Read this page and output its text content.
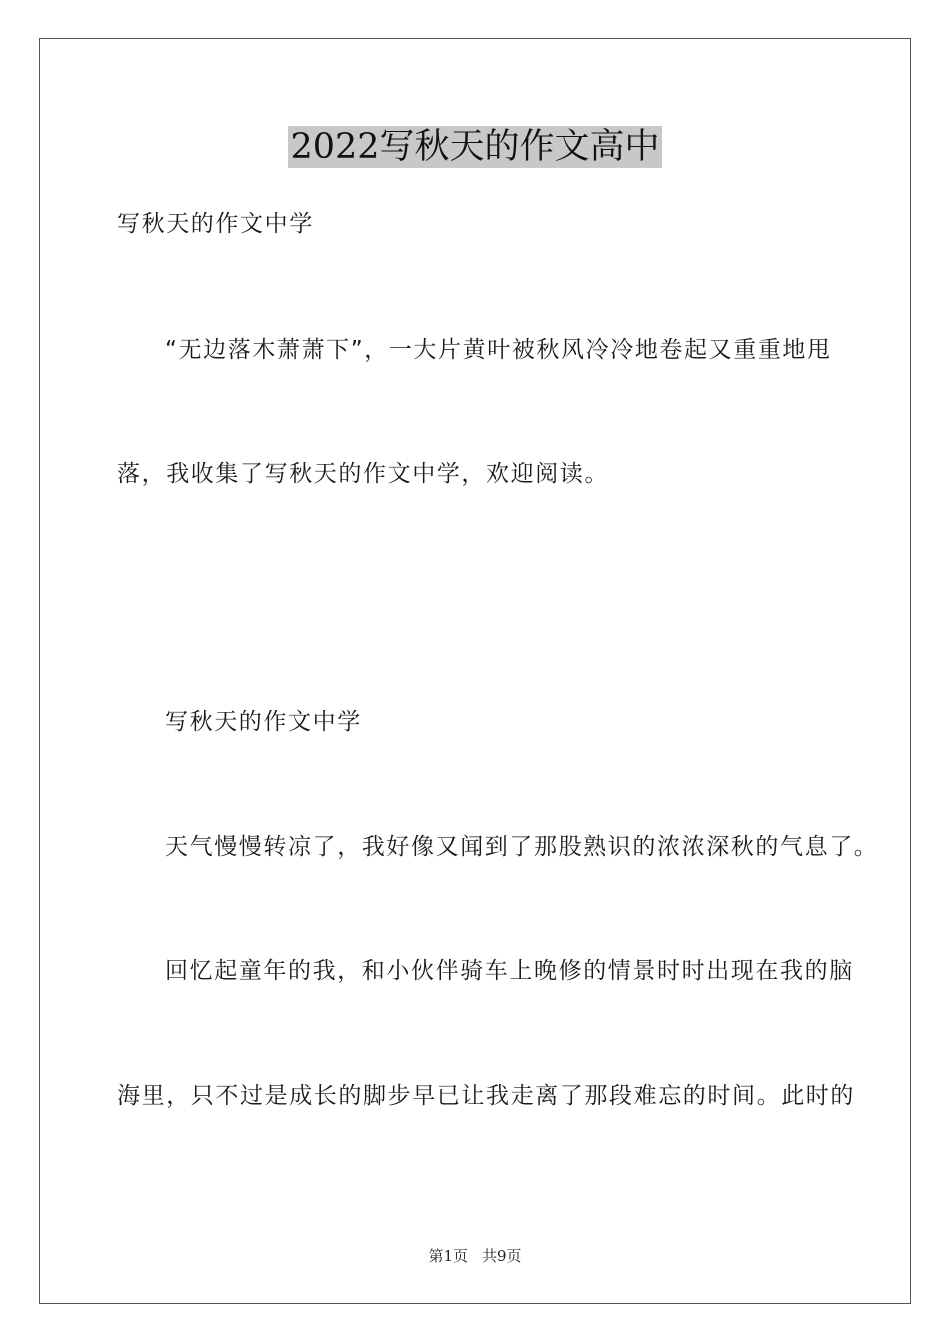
2022写秋天的作文高中
写秋天的作文中学
“无边落木萧萧下”，一大片黄叶被秋风冷冷地卷起又重重地甩
落，我收集了写秋天的作文中学，欢迎阅读。
写秋天的作文中学
天气慢慢转凉了，我好像又闻到了那股熟识的浓浓深秋的气息了。
回忆起童年的我，和小伙伴骑车上晚修的情景时时出现在我的脑
海里，只不过是成长的脚步早已让我走离了那段难忘的时间。此时的
第1页 共9页
